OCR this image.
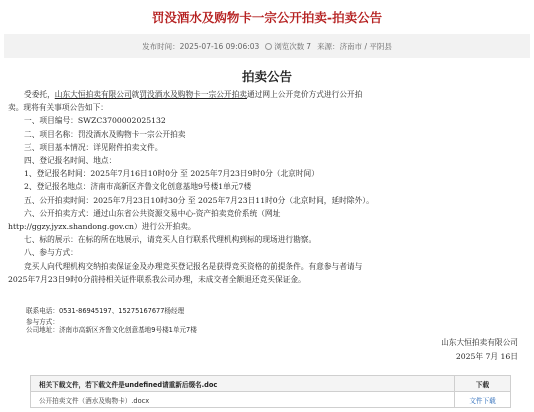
罚没酒水及购物卡一宗公开拍卖-拍卖公告
发布时间：2025-07-16 09:06:03	浏览次数 7 来源：济南市 / 平阴县
拍卖公告

受委托，山东大恒拍卖有限公司就罚没酒水及购物卡一宗公开拍卖通过网上公开竞价方式进行公开拍

卖。现将有关事项公告如下：

一、项目编号：SWZC3700002025132

二、项目名称：罚没酒水及购物卡一宗公开拍卖

三、项目基本情况：详见附件拍卖文件。

四、登记报名时间、地点：

1、登记报名时间：2025年7月16日10时0分 至 2025年7月23日9时0分（北京时间）

2、登记报名地点：济南市高新区齐鲁文化创意基地9号楼1单元7楼

五、公开拍卖时间：2025年7月23日10时30分 至 2025年7月23日11时0分（北京时间，延时除外）。

六、公开拍卖方式：通过山东省公共资源交易中心-资产拍卖竞价系统（网址

http://ggzy.jyzx.shandong.gov.cn）进行公开拍卖。

七、标的展示：在标的所在地展示，请竞买人自行联系代理机构到标的现场进行勘察。

八、参与方式：

竞买人向代理机构交纳拍卖保证金及办理竞买登记报名是获得竞买资格的前提条件。有意参与者请与

2025年7月23日9时0分前持相关证件联系我公司办理，未成交者全额退还竞买保证金。

联系电话：0531-86945197、15275167677杨经理
参与方式：
公司地址：济南市高新区齐鲁文化创意基地9号楼1单元7楼
山东大恒拍卖有限公司
2025年 7月 16日
相关下载文件，若下载文件是undefined请重新后缀名.doc	下载
公开拍卖文件（酒水及购物卡）.docx	文件下载
